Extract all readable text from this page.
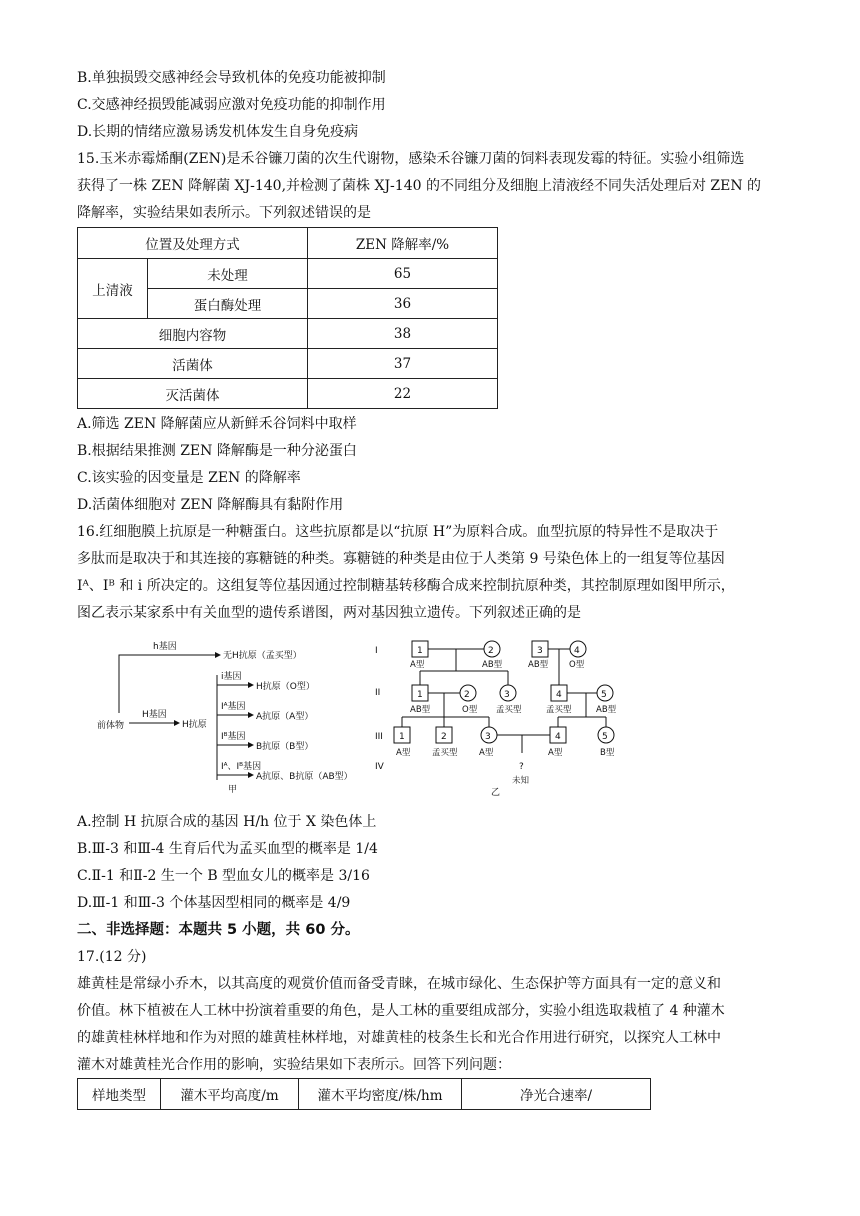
B.单独损毁交感神经会导致机体的免疫功能被抑制
C.交感神经损毁能减弱应激对免疫功能的抑制作用
D.长期的情绪应激易诱发机体发生自身免疫病
15.玉米赤霉烯酮(ZEN)是禾谷镰刀菌的次生代谢物，感染禾谷镰刀菌的饲料表现发霉的特征。实验小组筛选
获得了一株 ZEN 降解菌 XJ-140,并检测了菌株 XJ-140 的不同组分及细胞上清液经不同失活处理后对 ZEN 的
降解率，实验结果如表所示。下列叙述错误的是
位置及处理方式		ZEN 降解率/%
上清液	未处理	65
	蛋白酶处理	36
细胞内容物		38
活菌体		37
灭活菌体		22
A.筛选 ZEN 降解菌应从新鲜禾谷饲料中取样
B.根据结果推测 ZEN 降解酶是一种分泌蛋白
C.该实验的因变量是 ZEN 的降解率
D.活菌体细胞对 ZEN 降解酶具有黏附作用
16.红细胞膜上抗原是一种糖蛋白。这些抗原都是以“抗原 H”为原料合成。血型抗原的特异性不是取决于
多肽而是取决于和其连接的寡糖链的种类。寡糖链的种类是由位于人类第 9 号染色体上的一组复等位基因
Iᴬ、Iᴮ 和 i 所决定的。这组复等位基因通过控制糖基转移酶合成来控制抗原种类，其控制原理如图甲所示，
图乙表示某家系中有关血型的遗传系谱图，两对基因独立遗传。下列叙述正确的是
h基因
无H抗原（孟买型）
前体物
H基因
H抗原
i基因
H抗原（O型）
Iᴬ基因
A抗原（A型）
Iᴮ基因
B抗原（B型）
Iᴬ、Iᴮ基因
A抗原、B抗原（AB型）
甲
I
II
III
IV
1	2	3	4
A型	AB型	AB型 O型
1	2	3	4	5
AB型	O型 孟买型	孟买型	AB型
1	2	3	4	5
A型	孟买型	A型	A型	B型
?
未知
乙
A.控制 H 抗原合成的基因 H/h 位于 X 染色体上
B.Ⅲ-3 和Ⅲ-4 生育后代为孟买血型的概率是 1/4
C.Ⅱ-1 和Ⅱ-2 生一个 B 型血女儿的概率是 3/16
D.Ⅲ-1 和Ⅲ-3 个体基因型相同的概率是 4/9
二、非选择题：本题共 5 小题，共 60 分。
17.(12 分)
雄黄桂是常绿小乔木，以其高度的观赏价值而备受青睐，在城市绿化、生态保护等方面具有一定的意义和
价值。林下植被在人工林中扮演着重要的角色，是人工林的重要组成部分，实验小组选取栽植了 4 种灌木
的雄黄桂林样地和作为对照的雄黄桂林样地，对雄黄桂的枝条生长和光合作用进行研究，以探究人工林中
灌木对雄黄桂光合作用的影响，实验结果如下表所示。回答下列问题：
样地类型	灌木平均高度/m	灌木平均密度/株/hm	净光合速率/
